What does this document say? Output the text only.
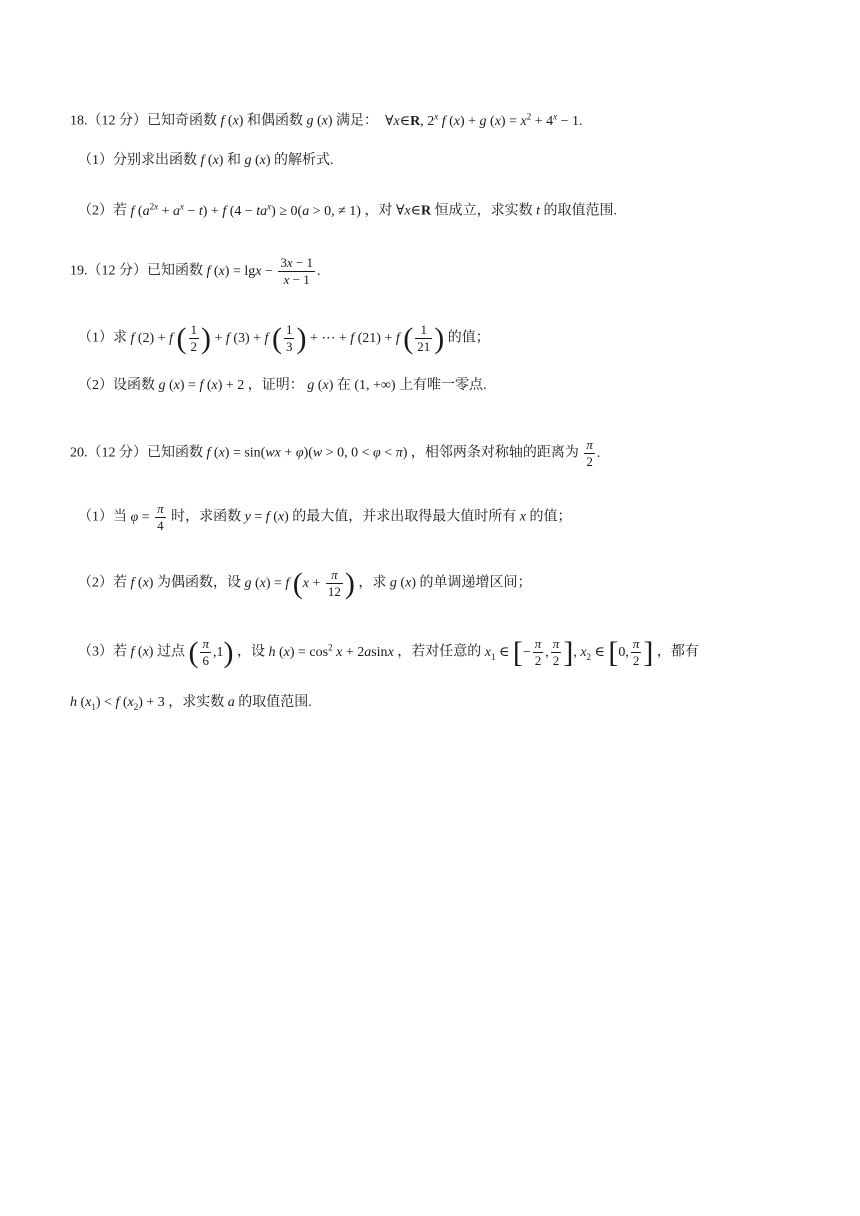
18.（12 分）已知奇函数 f (x) 和偶函数 g (x) 满足：  ∀x∈R, 2$^x$ f (x) + g $(x) = x^2 + 4^x - 1$.
（1）分别求出函数 f (x) 和 g (x) 的解析式.
（2）若 f $(a^{2x} + a^x - t) + f$ $(4 - ta^x) \ge 0(a > 0$, ≠ 1) ，对 ∀x∈R 恒成立，求实数 t 的取值范围.
19.（12 分）已知函数 f $(x) = \lg x - \frac{3x - 1}{x - 1}$ .
（1）求 f (2) + f ( $\frac{1}{2}$ ) + f (3) + f ( $\frac{1}{3}$ ) + ⋯ + f (21) + f ( $\frac{1}{21}$ ) 的值；
（2）设函数 g (x) = f (x) + 2 ，证明： g (x) 在 (1, +∞) 上有唯一零点.
20.（12 分）已知函数 f (x) = sin(wx + φ)(w > 0, 0 < φ < π) ，相邻两条对称轴的距离为 $\frac{\pi}{2}$ .
（1）当 $\varphi = \frac{\pi}{4}$ 时，求函数 y = f (x) 的最大值，并求出取得最大值时所有 x 的值；
（2）若 f (x) 为偶函数，设 g (x) = f ($x + \frac{\pi}{12}$ ) ，求 g (x) 的单调递增区间；
（3）若 f (x) 过点 ( $\frac{\pi}{6} ,1$) ，设 h $(x) = \cos^2 x + 2asinx$ ，若对任意的 $x_1$ ∈ [− $\frac{\pi}{2}$ , $\frac{\pi}{2}$ ], $x_2$ ∈ [0, $\frac{\pi}{2}$ ] ，都有
h $(x_1) < f$ $(x_2) + 3$ ，求实数 a 的取值范围.
